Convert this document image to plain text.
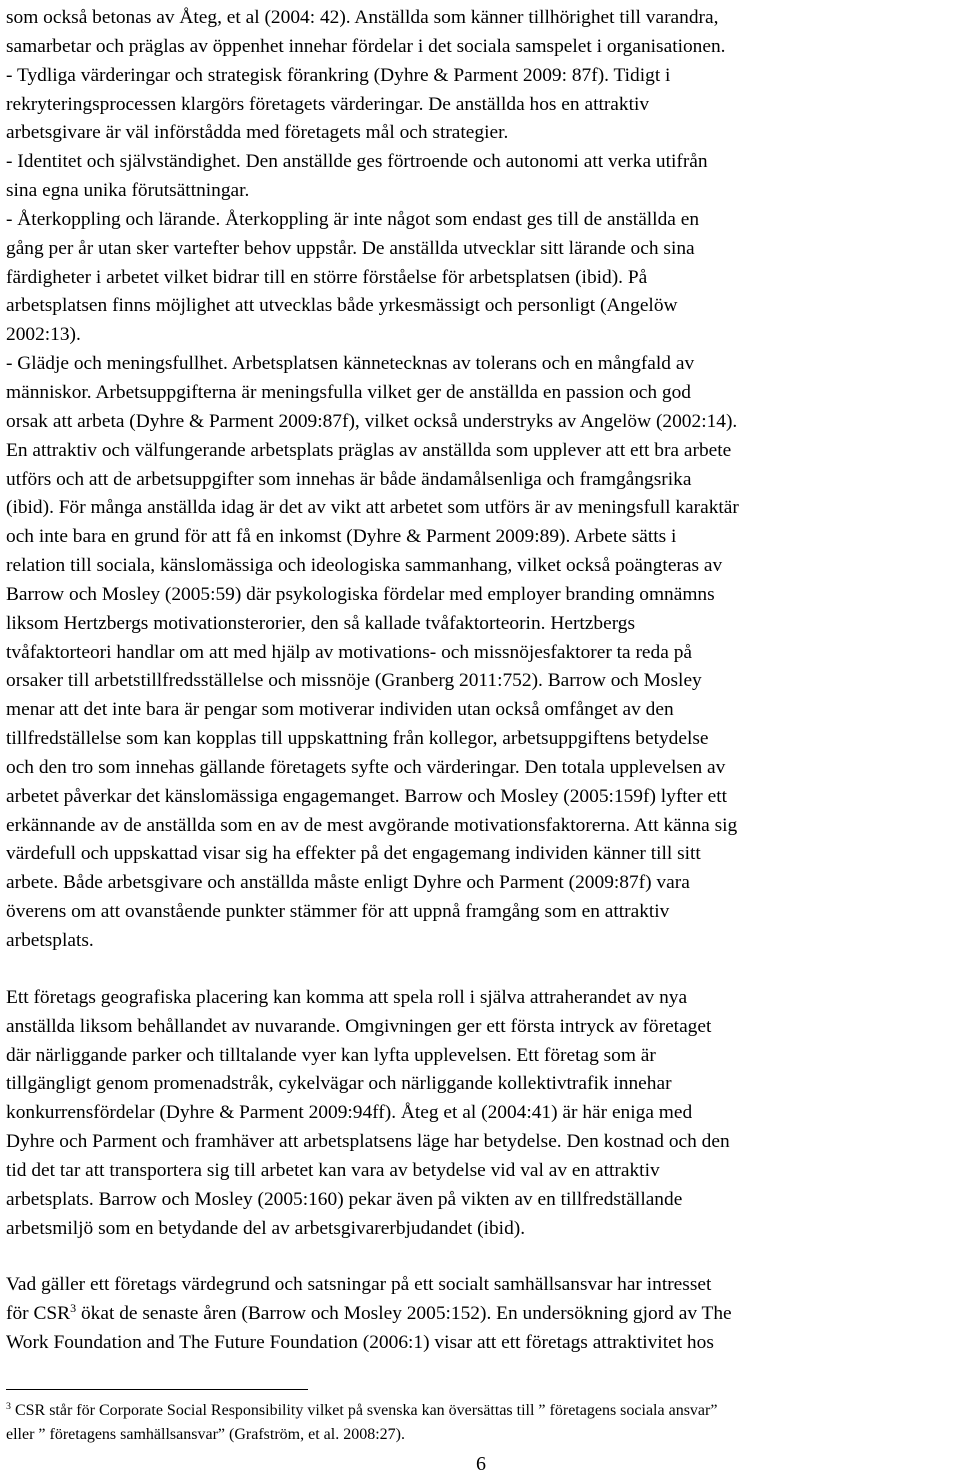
som också betonas av Åteg, et al (2004: 42). Anställda som känner tillhörighet till varandra,
samarbetar och präglas av öppenhet innehar fördelar i det sociala samspelet i organisationen.
- Tydliga värderingar och strategisk förankring (Dyhre & Parment 2009: 87f). Tidigt i
rekryteringsprocessen klargörs företagets värderingar. De anställda hos en attraktiv
arbetsgivare är väl införstådda med företagets mål och strategier.
- Identitet och självständighet. Den anställde ges förtroende och autonomi att verka utifrån
sina egna unika förutsättningar.
- Återkoppling och lärande. Återkoppling är inte något som endast ges till de anställda en
gång per år utan sker vartefter behov uppstår. De anställda utvecklar sitt lärande och sina
färdigheter i arbetet vilket bidrar till en större förståelse för arbetsplatsen (ibid). På
arbetsplatsen finns möjlighet att utvecklas både yrkesmässigt och personligt (Angelöw
2002:13).
- Glädje och meningsfullhet. Arbetsplatsen kännetecknas av tolerans och en mångfald av
människor. Arbetsuppgifterna är meningsfulla vilket ger de anställda en passion och god
orsak att arbeta (Dyhre & Parment 2009:87f), vilket också understryks av Angelöw (2002:14).
En attraktiv och välfungerande arbetsplats präglas av anställda som upplever att ett bra arbete
utförs och att de arbetsuppgifter som innehas är både ändamålsenliga och framgångsrika
(ibid). För många anställda idag är det av vikt att arbetet som utförs är av meningsfull karaktär
och inte bara en grund för att få en inkomst (Dyhre & Parment 2009:89). Arbete sätts i
relation till sociala, känslomässiga och ideologiska sammanhang, vilket också poängteras av
Barrow och Mosley (2005:59) där psykologiska fördelar med employer branding omnämns
liksom Hertzbergs motivationsterorier, den så kallade tvåfaktorteorin. Hertzbergs
tvåfaktorteori handlar om att med hjälp av motivations- och missnöjesfaktorer ta reda på
orsaker till arbetstillfredsställelse och missnöje (Granberg 2011:752). Barrow och Mosley
menar att det inte bara är pengar som motiverar individen utan också omfånget av den
tillfredställelse som kan kopplas till uppskattning från kollegor, arbetsuppgiftens betydelse
och den tro som innehas gällande företagets syfte och värderingar. Den totala upplevelsen av
arbetet påverkar det känslomässiga engagemanget. Barrow och Mosley (2005:159f) lyfter ett
erkännande av de anställda som en av de mest avgörande motivationsfaktorerna. Att känna sig
värdefull och uppskattad visar sig ha effekter på det engagemang individen känner till sitt
arbete. Både arbetsgivare och anställda måste enligt Dyhre och Parment (2009:87f) vara
överens om att ovanstående punkter stämmer för att uppnå framgång som en attraktiv
arbetsplats.
Ett företags geografiska placering kan komma att spela roll i själva attraherandet av nya
anställda liksom behållandet av nuvarande. Omgivningen ger ett första intryck av företaget
där närliggande parker och tilltalande vyer kan lyfta upplevelsen. Ett företag som är
tillgängligt genom promenadstråk, cykelvägar och närliggande kollektivtrafik innehar
konkurrensfördelar (Dyhre & Parment 2009:94ff). Åteg et al (2004:41) är här eniga med
Dyhre och Parment och framhäver att arbetsplatsens läge har betydelse. Den kostnad och den
tid det tar att transportera sig till arbetet kan vara av betydelse vid val av en attraktiv
arbetsplats. Barrow och Mosley (2005:160) pekar även på vikten av en tillfredställande
arbetsmiljö som en betydande del av arbetsgivarerbjudandet (ibid).
Vad gäller ett företags värdegrund och satsningar på ett socialt samhällsansvar har intresset
för CSR$^3$ ökat de senaste åren (Barrow och Mosley 2005:152). En undersökning gjord av The
Work Foundation and The Future Foundation (2006:1) visar att ett företags attraktivitet hos
$^3$ CSR står för Corporate Social Responsibility vilket på svenska kan översättas till ” företagens sociala ansvar”
eller ” företagens samhällsansvar” (Grafström, et al. 2008:27).
6
